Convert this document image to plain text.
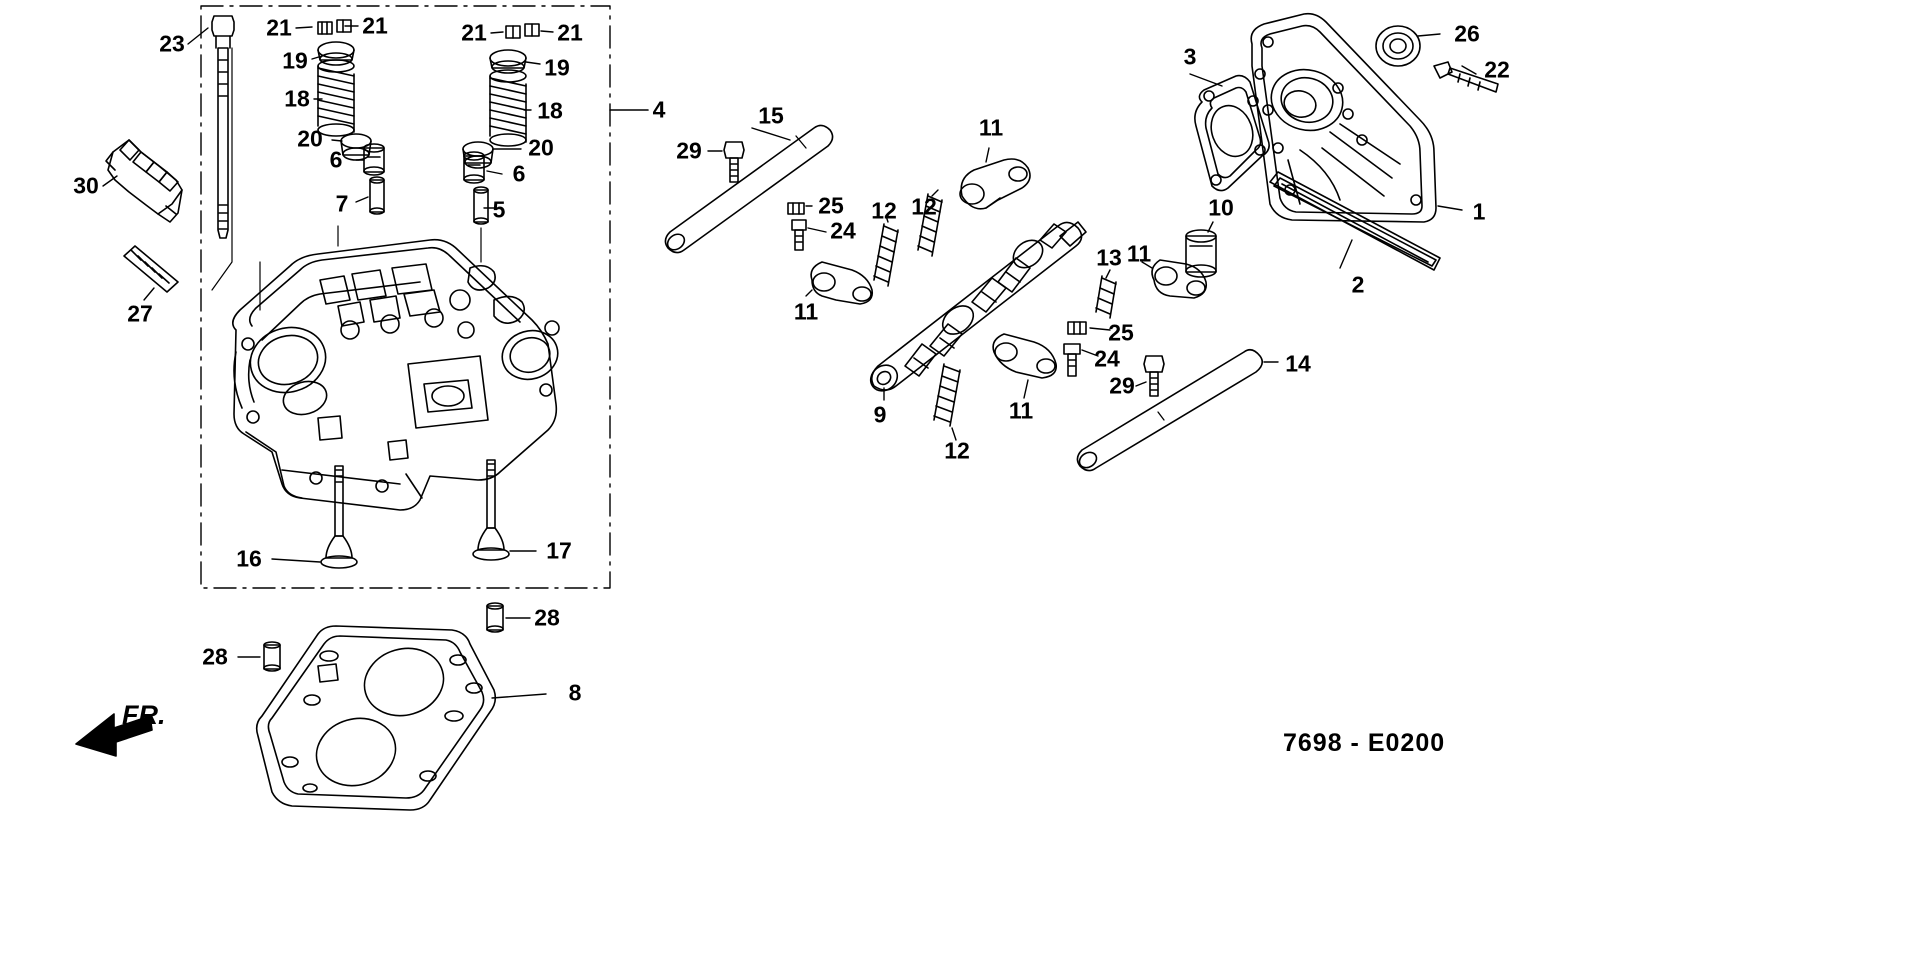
1
2
3
4
5
6
6
7
8
9
10
11
11
11
11
12
12
12
13
14
15
16	17
18	18
19	19
20	20
21	21	21	21
22
23
24
24
25
25
26
27
28
28
29
29
30
FR.
7698 - E0200
